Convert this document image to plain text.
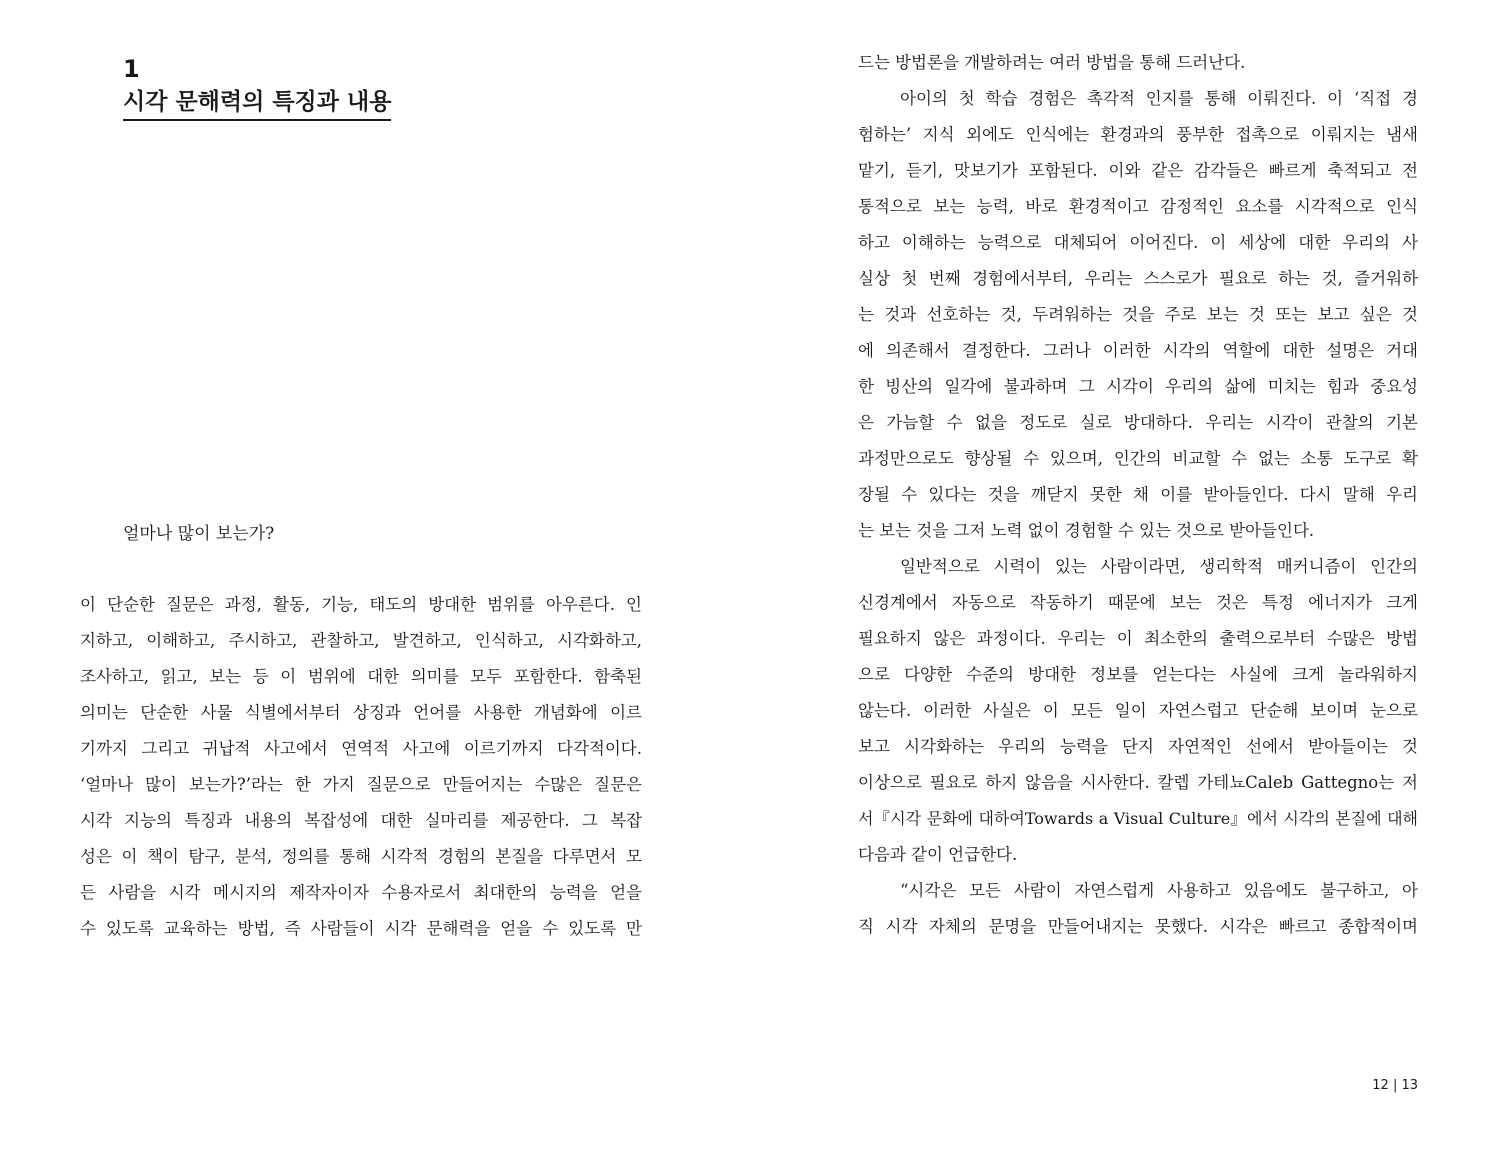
1
시각 문해력의 특징과 내용

얼마나 많이 보는가?

이 단순한 질문은 과정, 활동, 기능, 태도의 방대한 범위를 아우른다. 인
지하고, 이해하고, 주시하고, 관찰하고, 발견하고, 인식하고, 시각화하고,
조사하고, 읽고, 보는 등 이 범위에 대한 의미를 모두 포함한다. 함축된
의미는 단순한 사물 식별에서부터 상징과 언어를 사용한 개념화에 이르
기까지 그리고 귀납적 사고에서 연역적 사고에 이르기까지 다각적이다.
‘얼마나 많이 보는가?’라는 한 가지 질문으로 만들어지는 수많은 질문은
시각 지능의 특징과 내용의 복잡성에 대한 실마리를 제공한다. 그 복잡
성은 이 책이 탐구, 분석, 정의를 통해 시각적 경험의 본질을 다루면서 모
든 사람을 시각 메시지의 제작자이자 수용자로서 최대한의 능력을 얻을
수 있도록 교육하는 방법, 즉 사람들이 시각 문해력을 얻을 수 있도록 만
드는 방법론을 개발하려는 여러 방법을 통해 드러난다.
아이의 첫 학습 경험은 촉각적 인지를 통해 이뤄진다. 이 ‘직접 경
험하는’ 지식 외에도 인식에는 환경과의 풍부한 접촉으로 이뤄지는 냄새
맡기, 듣기, 맛보기가 포함된다. 이와 같은 감각들은 빠르게 축적되고 전
통적으로 보는 능력, 바로 환경적이고 감정적인 요소를 시각적으로 인식
하고 이해하는 능력으로 대체되어 이어진다. 이 세상에 대한 우리의 사
실상 첫 번째 경험에서부터, 우리는 스스로가 필요로 하는 것, 즐거워하
는 것과 선호하는 것, 두려워하는 것을 주로 보는 것 또는 보고 싶은 것
에 의존해서 결정한다. 그러나 이러한 시각의 역할에 대한 설명은 거대
한 빙산의 일각에 불과하며 그 시각이 우리의 삶에 미치는 힘과 중요성
은 가늠할 수 없을 정도로 실로 방대하다. 우리는 시각이 관찰의 기본
과정만으로도 향상될 수 있으며, 인간의 비교할 수 없는 소통 도구로 확
장될 수 있다는 것을 깨닫지 못한 채 이를 받아들인다. 다시 말해 우리
는 보는 것을 그저 노력 없이 경험할 수 있는 것으로 받아들인다.
일반적으로 시력이 있는 사람이라면, 생리학적 매커니즘이 인간의
신경계에서 자동으로 작동하기 때문에 보는 것은 특정 에너지가 크게
필요하지 않은 과정이다. 우리는 이 최소한의 출력으로부터 수많은 방법
으로 다양한 수준의 방대한 정보를 얻는다는 사실에 크게 놀라워하지
않는다. 이러한 사실은 이 모든 일이 자연스럽고 단순해 보이며 눈으로
보고 시각화하는 우리의 능력을 단지 자연적인 선에서 받아들이는 것
이상으로 필요로 하지 않음을 시사한다. 칼렙 가테뇨Caleb Gattegno는 저
서『시각 문화에 대하여Towards a Visual Culture』에서 시각의 본질에 대해
다음과 같이 언급한다.
“시각은 모든 사람이 자연스럽게 사용하고 있음에도 불구하고, 아
직 시각 자체의 문명을 만들어내지는 못했다. 시각은 빠르고 종합적이며
12 | 13
